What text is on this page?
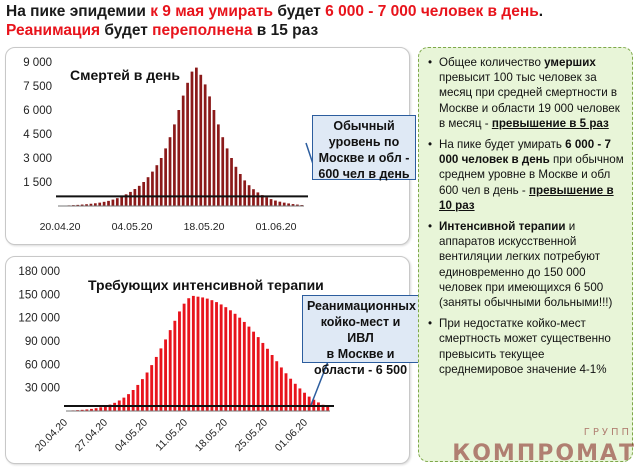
На пике эпидемии к 9 мая умирать будет 6 000 - 7 000 человек в день.
Реанимация будет переполнена в 15 раз
9 000
7 500
6 000
4 500
3 000
1 500
20.04.20	04.05.20	18.05.20	01.06.20
Смертей в день
Обычный
уровень по
Москве и обл -
600 чел в день
180 000
150 000
120 000
90 000
60 000
30 000
20.04.20 27.04.20 04.05.20 11.05.20 18.05.20 25.05.20 01.06.20
Требующих интенсивной терапии
Реанимационных
койко-мест и ИВЛ
в Москве и
области - 6 500
• Общее количество умерших превысит 100 тыс человек за месяц при средней смертности в Москве и области 19 000 человек в месяц - превышение в 5 раз
• На пике будет умирать 6 000 - 7 000 человек в день при обычном среднем уровне в Москве и обл 600 чел в день - превышение в 10 раз
• Интенсивной терапии и аппаратов искусственной вентиляции легких потребуют единовременно до 150 000 человек при имеющихся 6 500 (заняты обычными больными!!!)
• При недостатке койко-мест смертность может существенно превысить текущее среднемировое значение 4-1%
ГРУПП
КОМПРОМАТ
